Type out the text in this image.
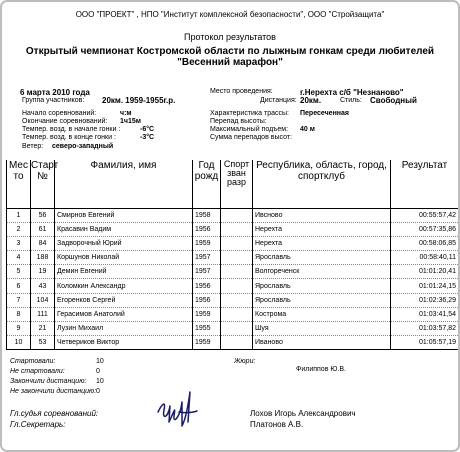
ООО "ПРОЕКТ" , НПО "Институт комплексной безопасности", ООО "Стройзащита"
Протокол результатов
Открытый чемпионат Костромской области по лыжным гонкам среди любителей "Весенний марафон"
6 марта 2010 года
Группа участников: 20км. 1959-1955г.р.
Начало соревнований:	ч:м
Окончание соревнований: 1ч15м
Темпер. возд. в начале гонки :	-6°С
Темпер. возд. в конце гонки :	-3°С
Ветер: северо-западный
Место проведения:	г.Нерехта с/б "Незнаново"
Дистанция: 20км.	Стиль: Свободный
Характеристика трассы: Пересеченная
Перепад высоты:
Максимальный подъем: 40 м
Сумма перепадов высот:
Мес то	Старт №	Фамилия, имя	Год рожд	Спорт зван разр	Республика, область, город, спортклуб	Результат
1	56	Смирнов Евгений	1958		Ивсново	00:55:57,42
2	61	Красавин Вадим	1956		Нерехта	00:57:35,86
3	84	Задворочный Юрий	1959		Нерехта	00:58:06,85
4	188	Коршунов Николай	1957		Ярославль	00:58:40,11
5	19	Демин Евгений	1957		Волгореченск	01:01:20,41
6	43	Коломкин Александр	1956		Ярославль	01:01:24,15
7	104	Егоренков Сергей	1956		Ярославль	01:02:36,29
8	111	Герасимов Анатолий	1959		Кострома	01:03:41,54
9	21	Лузин Михаил	1955		Шуя	01:03:57,82
10	53	Четвериков Виктор	1959		Иваново	01:05:57,19
Стартовали:	10
Не стартовали:	0
Закончили дистанцию: 10
Не закончили дистанцию: 0
Жюри:
Филиппов Ю.В.
Гл.судья соревнований:	Лохов Игорь Александрович
Гл.Секретарь:	Платонов А.В.
